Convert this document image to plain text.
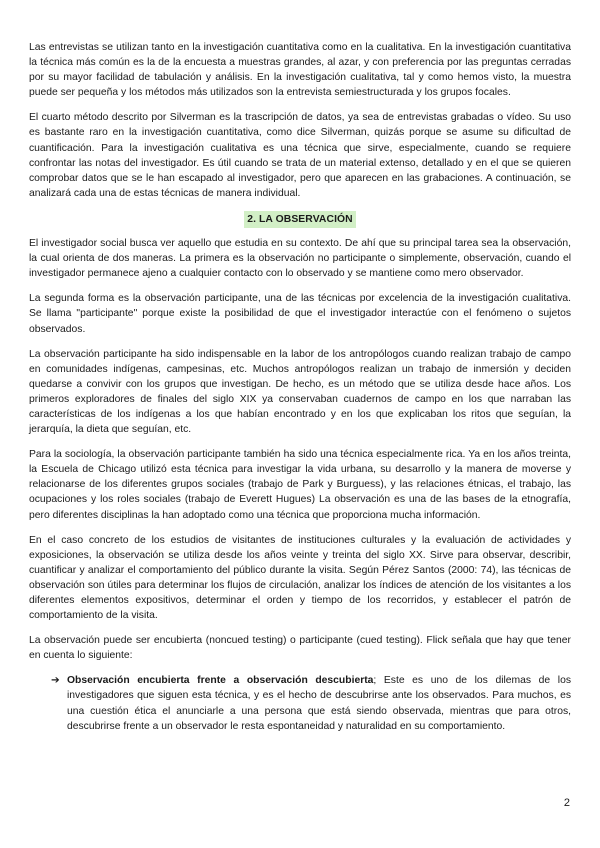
Las entrevistas se utilizan tanto en la investigación cuantitativa como en la cualitativa. En la investigación cuantitativa la técnica más común es la de la encuesta a muestras grandes, al azar, y con preferencia por las preguntas cerradas por su mayor facilidad de tabulación y análisis. En la investigación cualitativa, tal y como hemos visto, la muestra puede ser pequeña y los métodos más utilizados son la entrevista semiestructurada y los grupos focales.

El cuarto método descrito por Silverman es la trascripción de datos, ya sea de entrevistas grabadas o vídeo. Su uso es bastante raro en la investigación cuantitativa, como dice Silverman, quizás porque se asume su dificultad de cuantificación. Para la investigación cualitativa es una técnica que sirve, especialmente, cuando se requiere confrontar las notas del investigador. Es útil cuando se trata de un material extenso, detallado y en el que se quieren comprobar datos que se le han escapado al investigador, pero que aparecen en las grabaciones. A continuación, se analizará cada una de estas técnicas de manera individual.

2. LA OBSERVACIÓN

El investigador social busca ver aquello que estudia en su contexto. De ahí que su principal tarea sea la observación, la cual orienta de dos maneras. La primera es la observación no participante o simplemente, observación, cuando el investigador permanece ajeno a cualquier contacto con lo observado y se mantiene como mero observador.

La segunda forma es la observación participante, una de las técnicas por excelencia de la investigación cualitativa. Se llama "participante" porque existe la posibilidad de que el investigador interactúe con el fenómeno o sujetos observados.

La observación participante ha sido indispensable en la labor de los antropólogos cuando realizan trabajo de campo en comunidades indígenas, campesinas, etc. Muchos antropólogos realizan un trabajo de inmersión y deciden quedarse a convivir con los grupos que investigan. De hecho, es un método que se utiliza desde hace años. Los primeros exploradores de finales del siglo XIX ya conservaban cuadernos de campo en los que narraban las características de los indígenas a los que habían encontrado y en los que explicaban los ritos que seguían, la jerarquía, la dieta que seguían, etc.

Para la sociología, la observación participante también ha sido una técnica especialmente rica. Ya en los años treinta, la Escuela de Chicago utilizó esta técnica para investigar la vida urbana, su desarrollo y la manera de moverse y relacionarse de los diferentes grupos sociales (trabajo de Park y Burguess), y las relaciones étnicas, el trabajo, las ocupaciones y los roles sociales (trabajo de Everett Hugues) La observación es una de las bases de la etnografía, pero diferentes disciplinas la han adoptado como una técnica que proporciona mucha información.

En el caso concreto de los estudios de visitantes de instituciones culturales y la evaluación de actividades y exposiciones, la observación se utiliza desde los años veinte y treinta del siglo XX. Sirve para observar, describir, cuantificar y analizar el comportamiento del público durante la visita. Según Pérez Santos (2000: 74), las técnicas de observación son útiles para determinar los flujos de circulación, analizar los índices de atención de los visitantes a los diferentes elementos expositivos, determinar el orden y tiempo de los recorridos, y establecer el patrón de comportamiento de la visita.

La observación puede ser encubierta (noncued testing) o participante (cued testing). Flick señala que hay que tener en cuenta lo siguiente:

➔ Observación encubierta frente a observación descubierta; Este es uno de los dilemas de los investigadores que siguen esta técnica, y es el hecho de descubrirse ante los observados. Para muchos, es una cuestión ética el anunciarle a una persona que está siendo observada, mientras que para otros, descubrirse frente a un observador le resta espontaneidad y naturalidad en su comportamiento.

2
